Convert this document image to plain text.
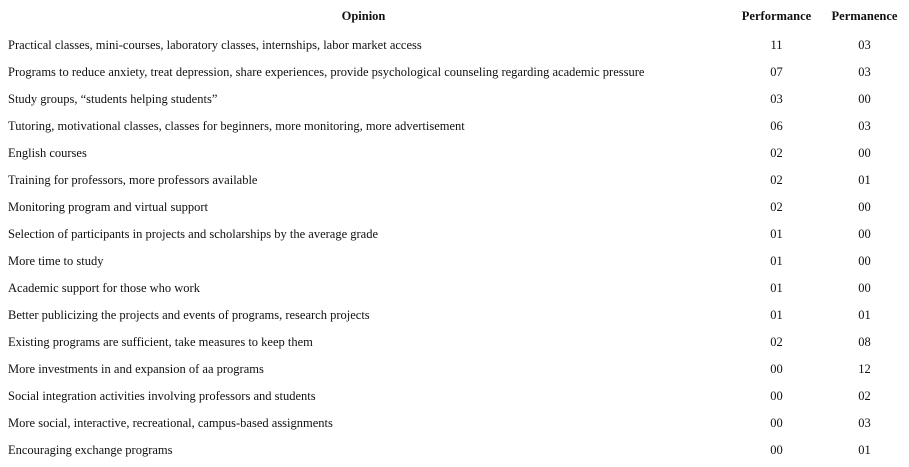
Opinion	Performance	Permanence
Practical classes, mini-courses, laboratory classes, internships, labor market access	11	03
Programs to reduce anxiety, treat depression, share experiences, provide psychological counseling regarding academic pressure	07	03
Study groups, “students helping students”	03	00
Tutoring, motivational classes, classes for beginners, more monitoring, more advertisement	06	03
English courses	02	00
Training for professors, more professors available	02	01
Monitoring program and virtual support	02	00
Selection of participants in projects and scholarships by the average grade	01	00
More time to study	01	00
Academic support for those who work	01	00
Better publicizing the projects and events of programs, research projects	01	01
Existing programs are sufficient, take measures to keep them	02	08
More investments in and expansion of aa programs	00	12
Social integration activities involving professors and students	00	02
More social, interactive, recreational, campus-based assignments	00	03
Encouraging exchange programs	00	01
